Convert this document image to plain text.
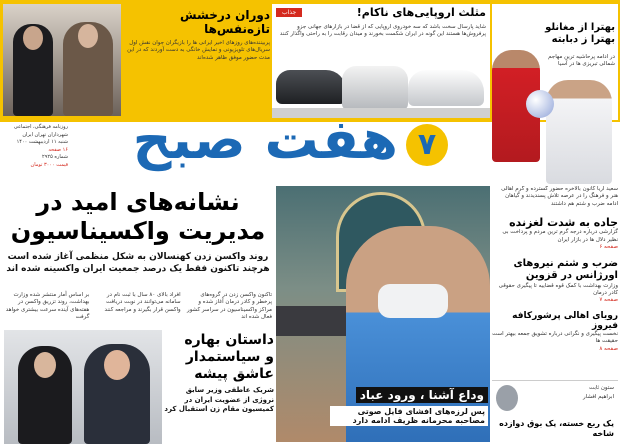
دوران درخشش تازه‌نفس‌ها
پربیننده‌های روزهای اخیر ایرانی ها را بازیگران جوان نقش اول سریال‌های تلویزیونی و نمایش خانگی به دست آوردند که در این مدت حضور موفق ظاهر شده‌اند
جذاب	مثلث اروپایی‌های ناکام!
شاید پارسال سخت باشد که سه خودروی اروپایی که از قضا در بازارهای جهانی جزو پرفروش‌ها هستند این گونه در ایران شکست بخورند و میدان رقابت را به راحتی واگذار کنند
بهترا از مغانلو بهترا ز دبابته
در ادامه پرحاشیه ترین مهاجم شمالی تبریزی ها در آسیا
روزنامه فرهنگی، اجتماعی
شهرداران تهران ایران
شنبه ۱۱ اردیبهشت ۱۴۰۰
۱۶ صفحه
شماره ۲۹۲۵
قیمت ۳۰۰۰ تومان هفت صبح ۷
نشانه‌های امید در
مدیریت واکسیناسیون
روند واکسن زدن کهنسالان به شکل منظمی آغاز شده است
هرچند تاکنون فقط یک درصد جمعیت ایران واکسینه شده اند
تاکنون واکسن زدن در گروه‌های پرخطر و کادر درمان آغاز شده و مراکز واکسیناسیون در سراسر کشور فعال شده اند
افراد بالای ۸۰ سال با ثبت نام در سامانه می‌توانند در نوبت دریافت واکسن قرار بگیرند و مراجعه کنند
بر اساس آمار منتشر شده وزارت بهداشت، روند تزریق واکسن در هفته‌های آینده سرعت بیشتری خواهد گرفت
وداع آشنا ، ورود عباد
پس لرزه‌های افشای فایل صوتی مصاحبه محرمانه ظریف ادامه دارد
سعید آریا کانون بالاخره حضور گسترده و گرم اهالی هنر و فرهنگ را در عرصه تلاش پسندیدند و گیاهان ادامه ضرب و شتم هم داشتند
جاده به شدت لغزنده
گزارشی درباره درجه گرم ترین مردم و پرداخت بی نظیر دلال ها در بازار ایران
صفحه ۶
ضرب و شتم نیروهای اورژانس در قزوین
وزارت بهداشت با کمک قوه قضاییه تا پیگیری حقوقی کادر درمان
صفحه ۷
رویای اهالی پرشورکافه فیروز
نخست پیگیری و نگرانی درباره تشویق جمعه بیهتر است حقیقت ها
صفحه ۸
داستان بهاره
و سیاستمدار
عاشق پیشه
شریک عاطفی وزیر سابق نروژی از عضویت ایران در کمیسیون مقام زن استقبال کرد
ستون ثابت
ابراهیم افشار
یک ربع خسته، یک بوق دوازده شاخه
